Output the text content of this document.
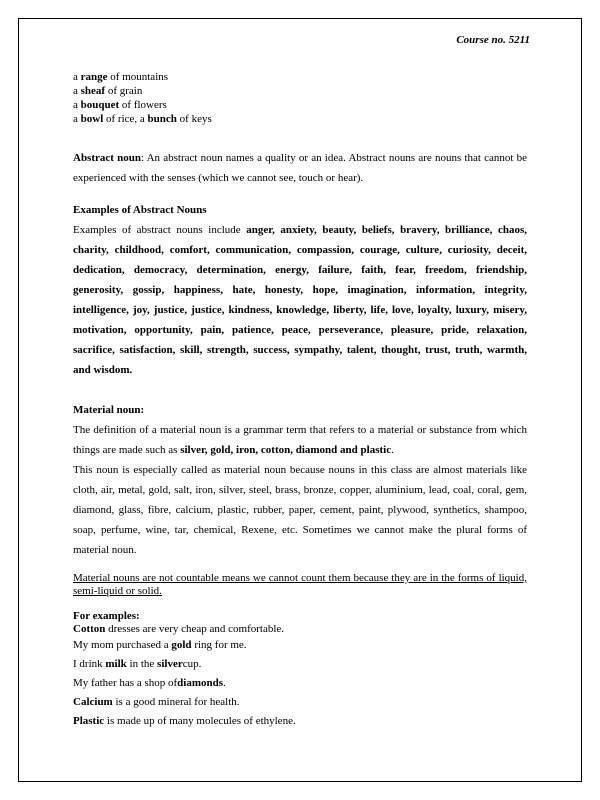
Course no. 5211

a range of mountains

a sheaf of grain

a bouquet of flowers

a bowl of rice, a bunch of keys

Abstract noun: An abstract noun names a quality or an idea. Abstract nouns are nouns that cannot be experienced with the senses (which we cannot see, touch or hear).

Examples of Abstract Nouns

Examples of abstract nouns include anger, anxiety, beauty, beliefs, bravery, brilliance, chaos, charity, childhood, comfort, communication, compassion, courage, culture, curiosity, deceit, dedication, democracy, determination, energy, failure, faith, fear, freedom, friendship, generosity, gossip, happiness, hate, honesty, hope, imagination, information, integrity, intelligence, joy, justice, justice, kindness, knowledge, liberty, life, love, loyalty, luxury, misery, motivation, opportunity, pain, patience, peace, perseverance, pleasure, pride, relaxation, sacrifice, satisfaction, skill, strength, success, sympathy, talent, thought, trust, truth, warmth, and wisdom.

Material noun:

The definition of a material noun is a grammar term that refers to a material or substance from which things are made such as silver, gold, iron, cotton, diamond and plastic.

This noun is especially called as material noun because nouns in this class are almost materials like cloth, air, metal, gold, salt, iron, silver, steel, brass, bronze, copper, aluminium, lead, coal, coral, gem, diamond, glass, fibre, calcium, plastic, rubber, paper, cement, paint, plywood, synthetics, shampoo, soap, perfume, wine, tar, chemical, Rexene, etc. Sometimes we cannot make the plural forms of material noun.

Material nouns are not countable means we cannot count them because they are in the forms of liquid, semi-liquid or solid.

For examples:

Cotton dresses are very cheap and comfortable.

My mom purchased a gold ring for me.

I drink milk in the silvercup.

My father has a shop ofdiamonds.

Calcium is a good mineral for health.

Plastic is made up of many molecules of ethylene.
